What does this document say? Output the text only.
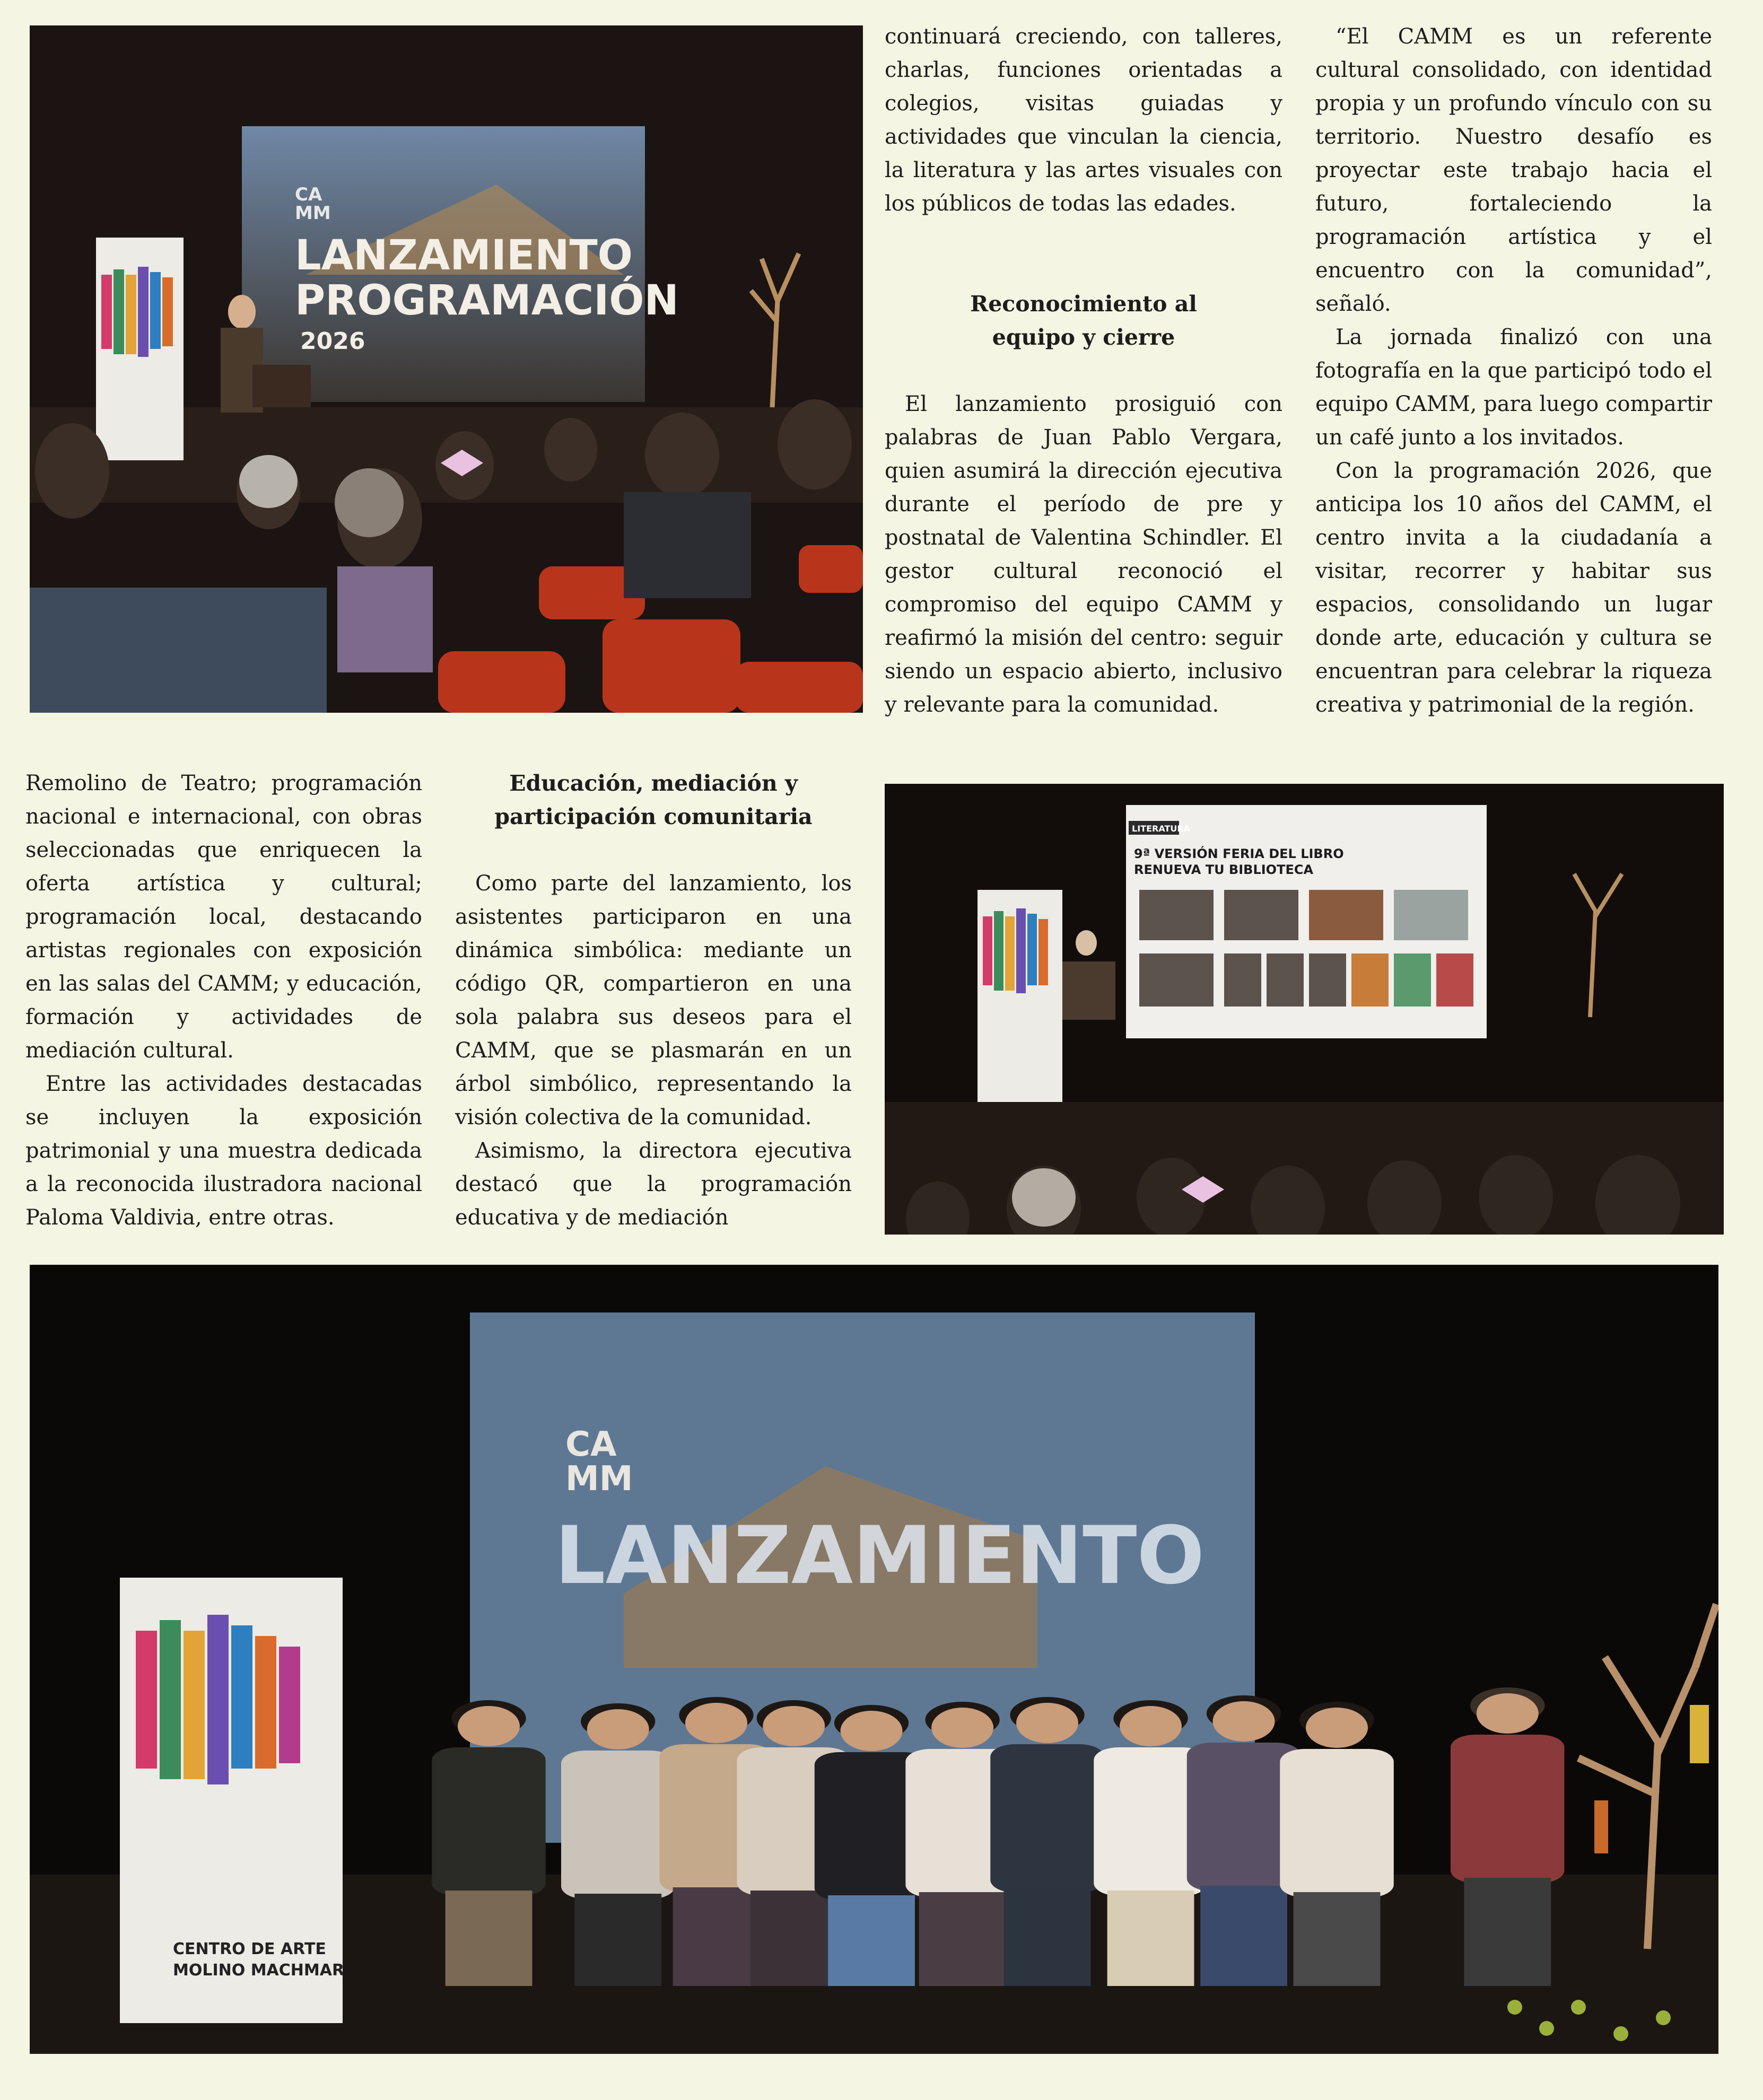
CA
MM
LANZAMIENTO
PROGRAMACIÓN
2026

continuará creciendo, con talleres, charlas, funciones orientadas a colegios, visitas guiadas y actividades que vinculan la ciencia, la literatura y las artes visuales con los públicos de todas las edades.

Reconocimiento al
equipo y cierre

El lanzamiento prosiguió con palabras de Juan Pablo Vergara, quien asumirá la dirección ejecutiva durante el período de pre y postnatal de Valentina Schindler. El gestor cultural reconoció el compromiso del equipo CAMM y reafirmó la misión del centro: seguir siendo un espacio abierto, inclusivo y relevante para la comunidad.

“El CAMM es un referente cultural consolidado, con identidad propia y un profundo vínculo con su territorio. Nuestro desafío es proyectar este trabajo hacia el futuro, fortaleciendo la programación artística y el encuentro con la comunidad”, señaló.

La jornada finalizó con una fotografía en la que participó todo el equipo CAMM, para luego compartir un café junto a los invitados.

Con la programación 2026, que anticipa los 10 años del CAMM, el centro invita a la ciudadanía a visitar, recorrer y habitar sus espacios, consolidando un lugar donde arte, educación y cultura se encuentran para celebrar la riqueza creativa y patrimonial de la región.

Remolino de Teatro; programación nacional e internacional, con obras seleccionadas que enriquecen la oferta artística y cultural; programación local, destacando artistas regionales con exposición en las salas del CAMM; y educación, formación y actividades de mediación cultural.

Entre las actividades destacadas se incluyen la exposición patrimonial y una muestra dedicada a la reconocida ilustradora nacional Paloma Valdivia, entre otras.

Educación, mediación y
participación comunitaria

Como parte del lanzamiento, los asistentes participaron en una dinámica simbólica: mediante un código QR, compartieron en una sola palabra sus deseos para el CAMM, que se plasmarán en un árbol simbólico, representando la visión colectiva de la comunidad.

Asimismo, la directora ejecutiva destacó que la programación educativa y de mediación

LITERATURA
9ª VERSIÓN FERIA DEL LIBRO
RENUEVA TU BIBLIOTECA
CA
MM
LANZAMIENTO
CENTRO DE ARTE
MOLINO MACHMAR
